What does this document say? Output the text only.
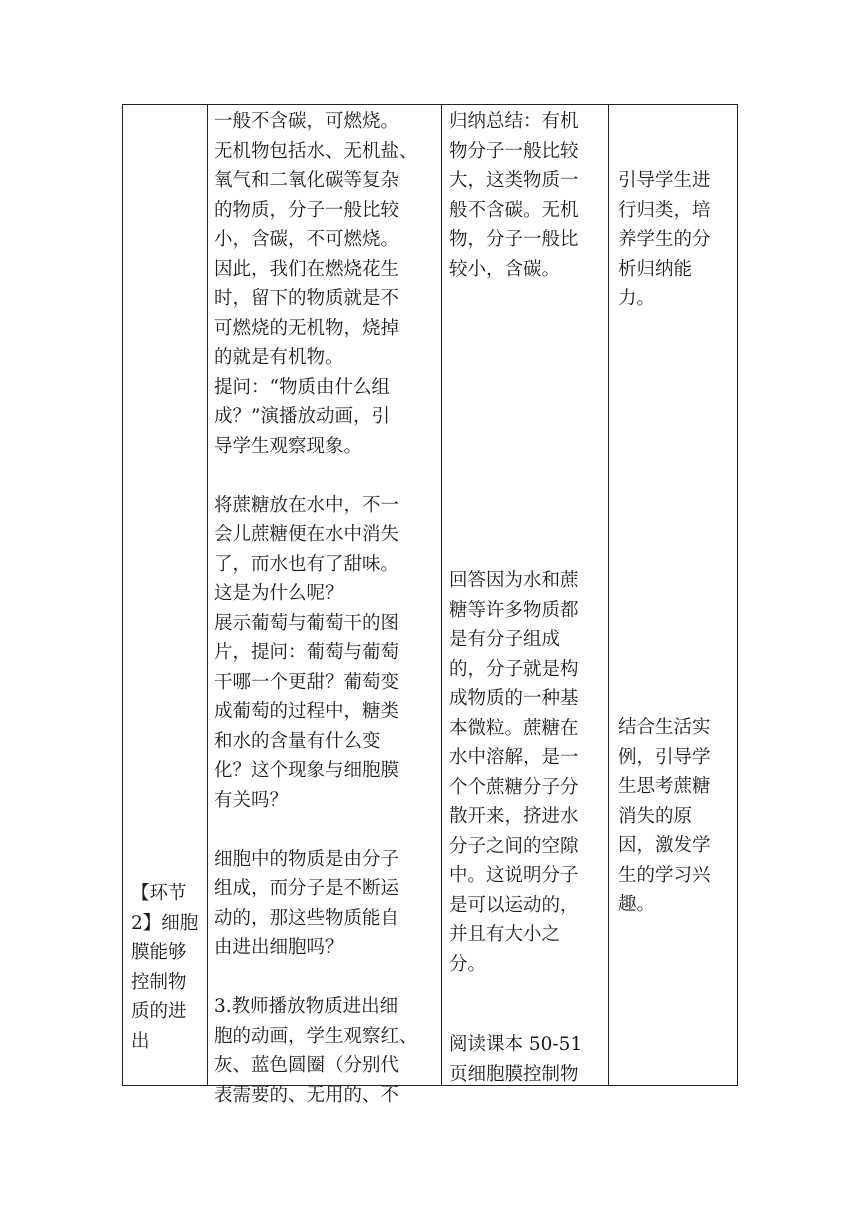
【环节
2】细胞
膜能够
控制物
质的进
出
一般不含碳，可燃烧。
无机物包括水、无机盐、
氧气和二氧化碳等复杂
的物质，分子一般比较
小，含碳，不可燃烧。
因此，我们在燃烧花生
时，留下的物质就是不
可燃烧的无机物，烧掉
的就是有机物。
提问：“物质由什么组
成？”演播放动画，引
导学生观察现象。
将蔗糖放在水中，不一
会儿蔗糖便在水中消失
了，而水也有了甜味。
这是为什么呢？
展示葡萄与葡萄干的图
片，提问：葡萄与葡萄
干哪一个更甜？葡萄变
成葡萄的过程中，糖类
和水的含量有什么变
化？这个现象与细胞膜
有关吗？
细胞中的物质是由分子
组成，而分子是不断运
动的，那这些物质能自
由进出细胞吗？
3.教师播放物质进出细
胞的动画，学生观察红、
灰、蓝色圆圈（分别代
表需要的、无用的、不
归纳总结：有机
物分子一般比较
大，这类物质一
般不含碳。无机
物，分子一般比
较小，含碳。
回答因为水和蔗
糖等许多物质都
是有分子组成
的，分子就是构
成物质的一种基
本微粒。蔗糖在
水中溶解，是一
个个蔗糖分子分
散开来，挤进水
分子之间的空隙
中。这说明分子
是可以运动的，
并且有大小之
分。
阅读课本 50-51
页细胞膜控制物
引导学生进
行归类，培
养学生的分
析归纳能
力。
结合生活实
例，引导学
生思考蔗糖
消失的原
因，激发学
生的学习兴
趣。
